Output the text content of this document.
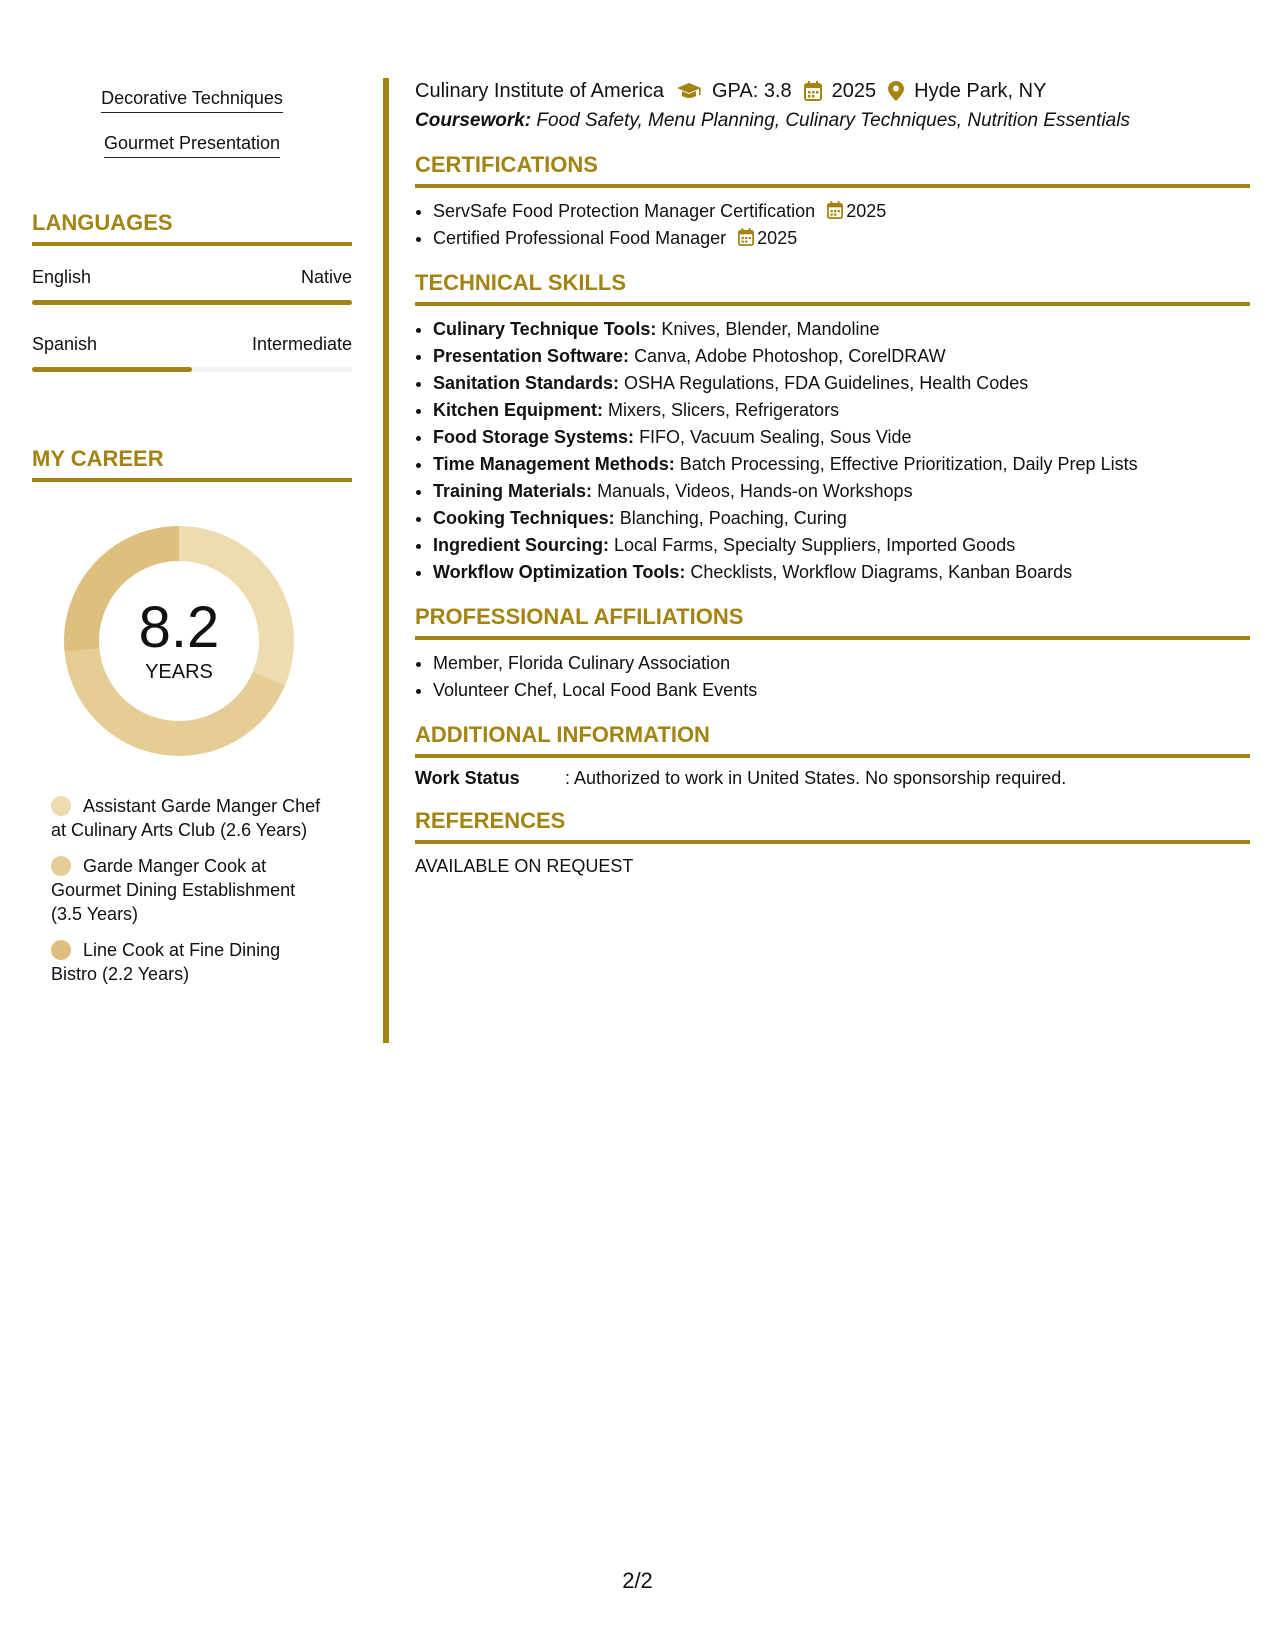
Decorative Techniques
Gourmet Presentation
LANGUAGES
English	Native
Spanish	Intermediate
MY CAREER
8.2
YEARS
Assistant Garde Manger Chef at Culinary Arts Club (2.6 Years)
Garde Manger Cook at Gourmet Dining Establishment (3.5 Years)
Line Cook at Fine Dining Bistro (2.2 Years)
Culinary Institute of America GPA: 3.8 2025 Hyde Park, NY
Coursework: Food Safety, Menu Planning, Culinary Techniques, Nutrition Essentials
CERTIFICATIONS
• ServSafe Food Protection Manager Certification 2025
• Certified Professional Food Manager 2025
TECHNICAL SKILLS
• Culinary Technique Tools: Knives, Blender, Mandoline
• Presentation Software: Canva, Adobe Photoshop, CorelDRAW
• Sanitation Standards: OSHA Regulations, FDA Guidelines, Health Codes
• Kitchen Equipment: Mixers, Slicers, Refrigerators
• Food Storage Systems: FIFO, Vacuum Sealing, Sous Vide
• Time Management Methods: Batch Processing, Effective Prioritization, Daily Prep Lists
• Training Materials: Manuals, Videos, Hands-on Workshops
• Cooking Techniques: Blanching, Poaching, Curing
• Ingredient Sourcing: Local Farms, Specialty Suppliers, Imported Goods
• Workflow Optimization Tools: Checklists, Workflow Diagrams, Kanban Boards
PROFESSIONAL AFFILIATIONS
• Member, Florida Culinary Association
• Volunteer Chef, Local Food Bank Events
ADDITIONAL INFORMATION
Work Status	: Authorized to work in United States. No sponsorship required.
REFERENCES
AVAILABLE ON REQUEST
2/2
